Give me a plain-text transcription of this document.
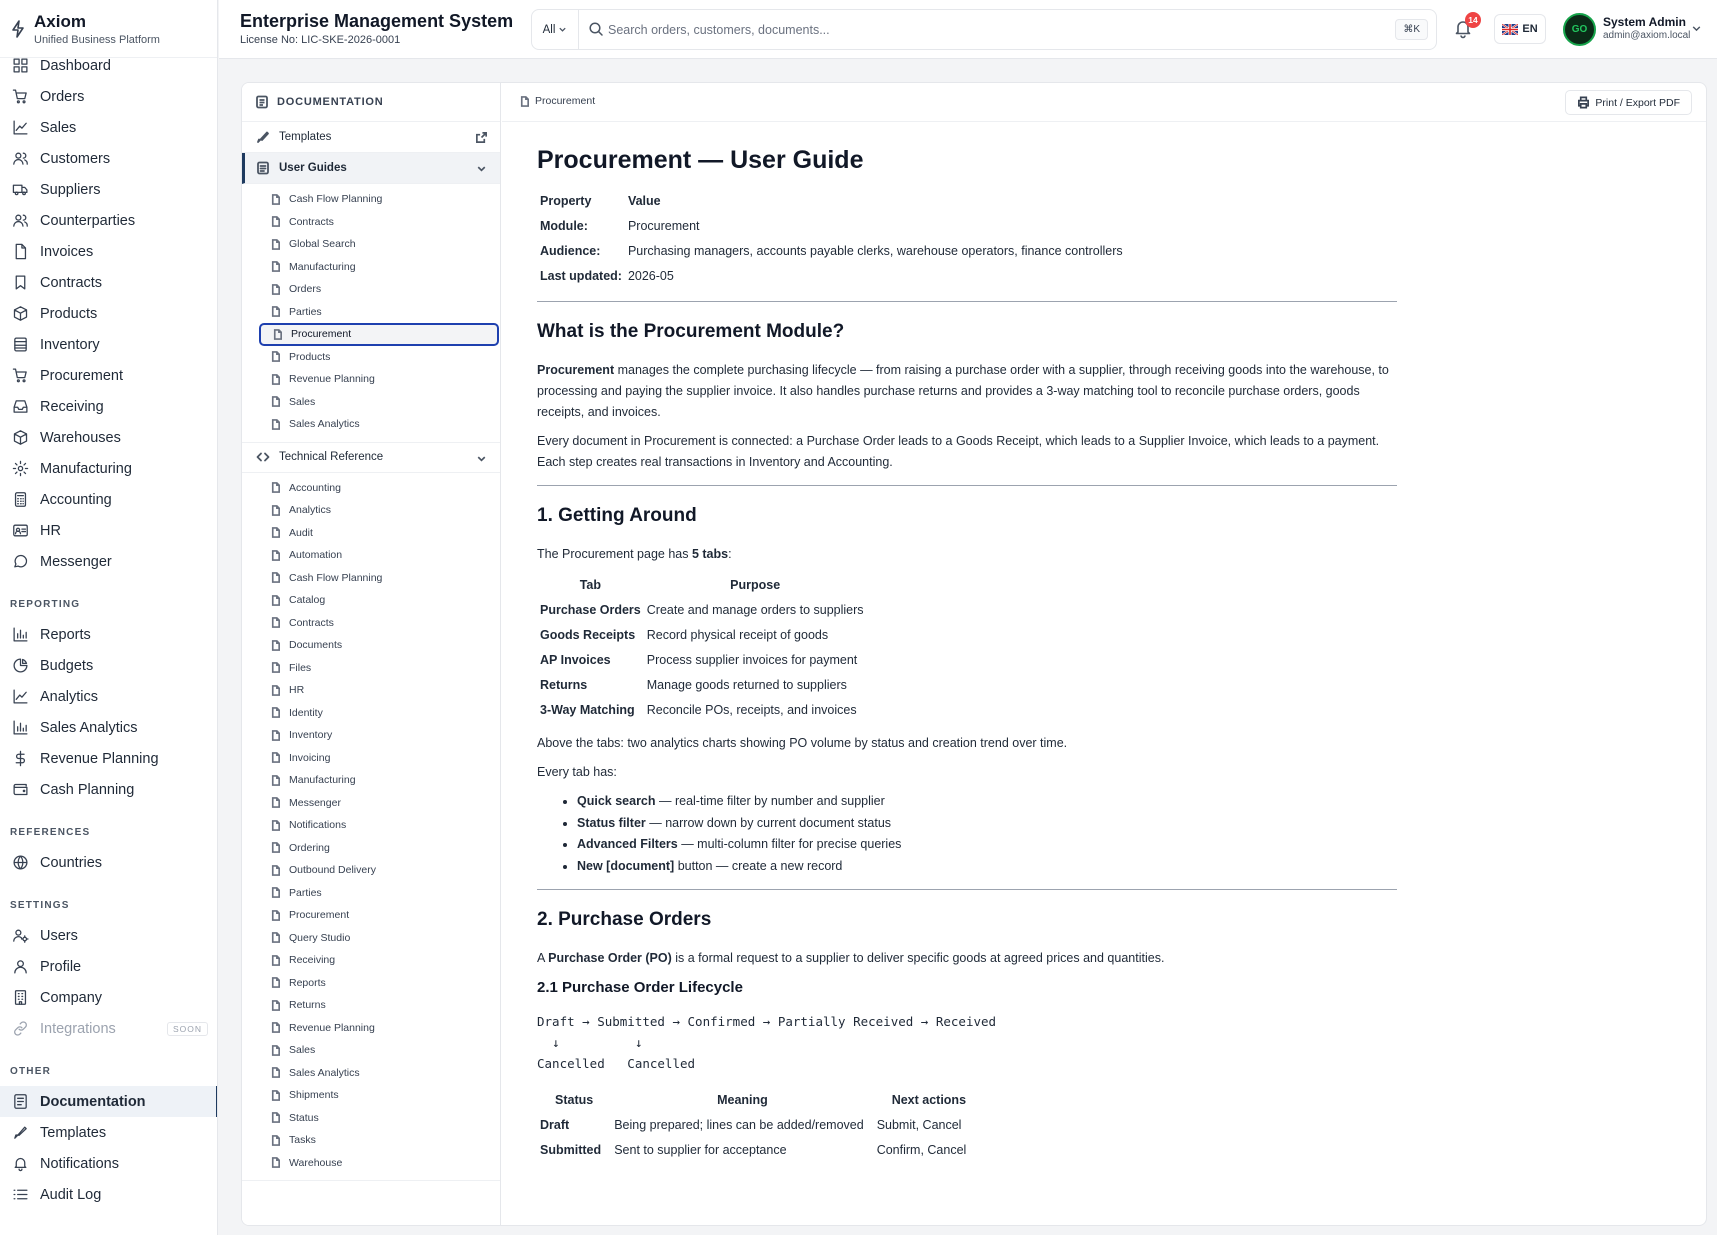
Dashboard
Orders
Sales
Customers
Suppliers
Counterparties
Invoices
Contracts
Products
Inventory
Procurement
Receiving
Warehouses
Manufacturing
Accounting
HR
Messenger
REPORTING
Reports
Budgets
Analytics
Sales Analytics
Revenue Planning
Cash Planning
REFERENCES
Countries
SETTINGS
Users
Profile
Company
Integrations	SOON
OTHER
Documentation
Templates
Notifications
Audit Log
Axiom
Unified Business Platform
Enterprise Management System
License No: LIC-SKE-2026-0001
All
Search orders, customers, documents...	⌘K
14
EN	GO
System Admin
admin@axiom.local
DOCUMENTATION
Templates
User Guides
Cash Flow Planning
Contracts
Global Search
Manufacturing
Orders
Parties
Procurement
Products
Revenue Planning
Sales
Sales Analytics
Technical Reference
Accounting
Analytics
Audit
Automation
Cash Flow Planning
Catalog
Contracts
Documents
Files
HR
Identity
Inventory
Invoicing
Manufacturing
Messenger
Notifications
Ordering
Outbound Delivery
Parties
Procurement
Query Studio
Receiving
Reports
Returns
Revenue Planning
Sales
Sales Analytics
Shipments
Status
Tasks
Warehouse
Procurement	Print / Export PDF
Procurement — User Guide
Property	Value
Module:	Procurement
Audience:	Purchasing managers, accounts payable clerks, warehouse operators, finance controllers
Last updated:	2026-05
What is the Procurement Module?

Procurement manages the complete purchasing lifecycle — from raising a purchase order with a supplier, through receiving goods into the warehouse, to processing and paying the supplier invoice. It also handles purchase returns and provides a 3-way matching tool to reconcile purchase orders, goods receipts, and invoices.

Every document in Procurement is connected: a Purchase Order leads to a Goods Receipt, which leads to a Supplier Invoice, which leads to a payment. Each step creates real transactions in Inventory and Accounting.

1. Getting Around

The Procurement page has 5 tabs:

Tab	Purpose
Purchase Orders	Create and manage orders to suppliers
Goods Receipts	Record physical receipt of goods
AP Invoices	Process supplier invoices for payment
Returns	Manage goods returned to suppliers
3-Way Matching	Reconcile POs, receipts, and invoices

Above the tabs: two analytics charts showing PO volume by status and creation trend over time.

Every tab has:

• Quick search — real-time filter by number and supplier
• Status filter — narrow down by current document status
• Advanced Filters — multi-column filter for precise queries
• New [document] button — create a new record
2. Purchase Orders

A Purchase Order (PO) is a formal request to a supplier to deliver specific goods at agreed prices and quantities.

2.1 Purchase Order Lifecycle
Draft → Submitted → Confirmed → Partially Received → Received
↓          ↓
Cancelled   Cancelled
Status	Meaning	Next actions
Draft	Being prepared; lines can be added/removed	Submit, Cancel
Submitted	Sent to supplier for acceptance	Confirm, Cancel
